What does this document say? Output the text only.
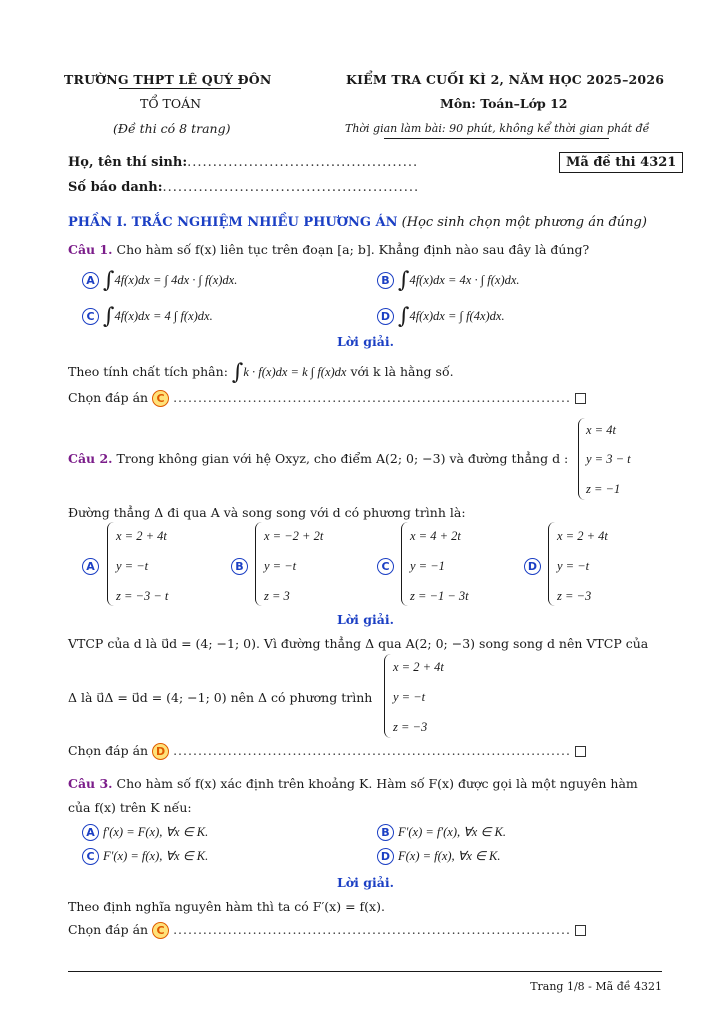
TRƯỜNG THPT LÊ QUÝ ĐÔN
TỔ TOÁN
(Đề thi có 8 trang)
KIỂM TRA CUỐI KÌ 2, NĂM HỌC 2025–2026
Môn: Toán–Lớp 12
Thời gian làm bài: 90 phút, không kể thời gian phát đề
Họ, tên thí sinh:.............................................
Số báo danh:..................................................
Mã đề thi 4321
PHẦN I. TRẮC NGHIỆM NHIỀU PHƯƠNG ÁN (Học sinh chọn một phương án đúng)
Câu 1. Cho hàm số f(x) liên tục trên đoạn [a; b]. Khẳng định nào sau đây là đúng?
A ∫4f(x)dx = ∫ 4dx · ∫ f(x)dx.	B ∫4f(x)dx = 4x · ∫ f(x)dx.
C ∫4f(x)dx = 4 ∫ f(x)dx.	D ∫4f(x)dx = ∫ f(4x)dx.
Lời giải.
Theo tính chất tích phân: ∫k · f(x)dx = k ∫ f(x)dx với k là hằng số.
Chọn đáp án C ................................................................................
Câu 2. Trong không gian với hệ Oxyz, cho điểm A(2; 0; −3) và đường thẳng d :
x = 4t
y = 3 − t
z = −1
Đường thẳng Δ đi qua A và song song với d có phương trình là:
A
x = 2 + 4t
y = −t
z = −3 − t
B
x = −2 + 2t
y = −t
z = 3
C
x = 4 + 2t
y = −1
z = −1 − 3t
D
x = 2 + 4t
y = −t
z = −3
Lời giải.
VTCP của d là u⃗d = (4; −1; 0). Vì đường thẳng Δ qua A(2; 0; −3) song song d nên VTCP của
Δ là u⃗Δ = u⃗d = (4; −1; 0) nên Δ có phương trình
x = 2 + 4t
y = −t
z = −3
Chọn đáp án D ................................................................................
Câu 3. Cho hàm số f(x) xác định trên khoảng K. Hàm số F(x) được gọi là một nguyên hàm
của f(x) trên K nếu:
A f′(x) = F(x), ∀x ∈ K.	B F′(x) = f′(x), ∀x ∈ K.
C F′(x) = f(x), ∀x ∈ K.	D F(x) = f(x), ∀x ∈ K.
Lời giải.
Theo định nghĩa nguyên hàm thì ta có F′(x) = f(x).
Chọn đáp án C ................................................................................
Trang 1/8 - Mã đề 4321
